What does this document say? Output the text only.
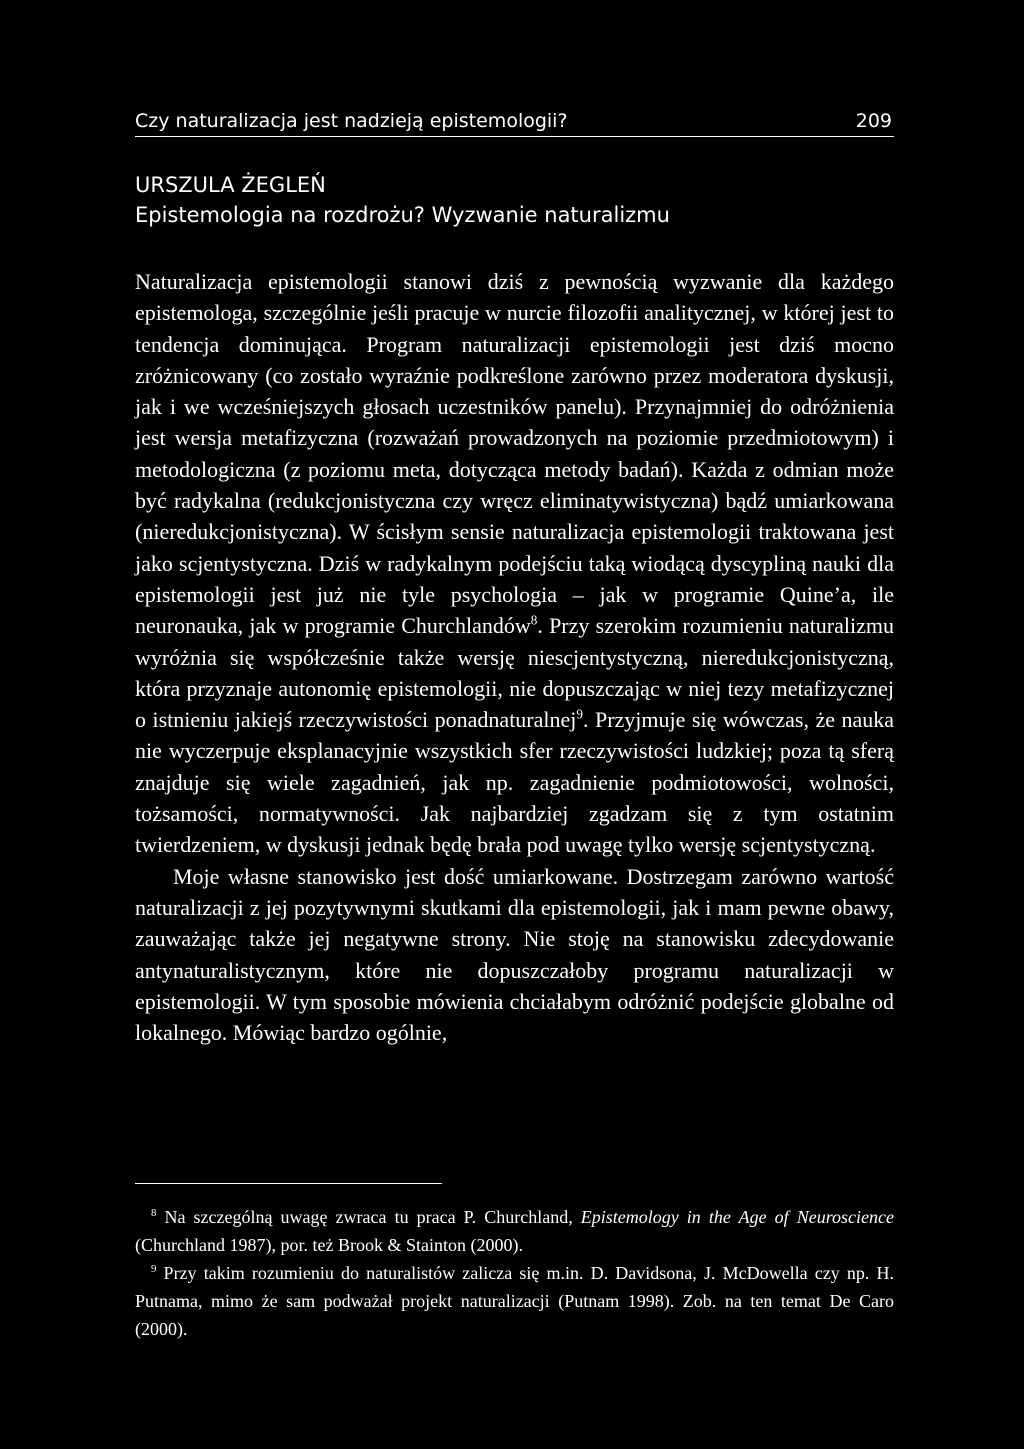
Czy naturalizacja jest nadzieją epistemologii?	209
URSZULA ŻEGLEŃ
Epistemologia na rozdrożu? Wyzwanie naturalizmu

Naturalizacja epistemologii stanowi dziś z pewnością wyzwanie dla każdego epistemologa, szczególnie jeśli pracuje w nurcie filozofii analitycznej, w której jest to tendencja dominująca. Program naturalizacji epistemologii jest dziś mocno zróżnicowany (co zostało wyraźnie podkreślone zarówno przez moderatora dyskusji, jak i we wcześniejszych głosach uczestników panelu). Przynajmniej do odróżnienia jest wersja metafizyczna (rozważań prowadzonych na poziomie przedmiotowym) i metodologiczna (z poziomu meta, dotycząca metody badań). Każda z odmian może być radykalna (redukcjonistyczna czy wręcz eliminatywistyczna) bądź umiarkowana (nieredukcjonistyczna). W ścisłym sensie naturalizacja epistemologii traktowana jest jako scjentystyczna. Dziś w radykalnym podejściu taką wiodącą dyscypliną nauki dla epistemologii jest już nie tyle psychologia – jak w programie Quine’a, ile neuronauka, jak w programie Churchlandów$^8$. Przy szerokim rozumieniu naturalizmu wyróżnia się współcześnie także wersję niescjentystyczną, nieredukcjonistyczną, która przyznaje autonomię epistemologii, nie dopuszczając w niej tezy metafizycznej o istnieniu jakiejś rzeczywistości ponadnaturalnej$^9$. Przyjmuje się wówczas, że nauka nie wyczerpuje eksplanacyjnie wszystkich sfer rzeczywistości ludzkiej; poza tą sferą znajduje się wiele zagadnień, jak np. zagadnienie podmiotowości, wolności, tożsamości, normatywności. Jak najbardziej zgadzam się z tym ostatnim twierdzeniem, w dyskusji jednak będę brała pod uwagę tylko wersję scjentystyczną.

Moje własne stanowisko jest dość umiarkowane. Dostrzegam zarówno wartość naturalizacji z jej pozytywnymi skutkami dla epistemologii, jak i mam pewne obawy, zauważając także jej negatywne strony. Nie stoję na stanowisku zdecydowanie antynaturalistycznym, które nie dopuszczałoby programu naturalizacji w epistemologii. W tym sposobie mówienia chciałabym odróżnić podejście globalne od lokalnego. Mówiąc bardzo ogólnie,

$^8$ Na szczególną uwagę zwraca tu praca P. Churchland, Epistemology in the Age of Neuroscience (Churchland 1987), por. też Brook & Stainton (2000).

$^9$ Przy takim rozumieniu do naturalistów zalicza się m.in. D. Davidsona, J. McDowella czy np. H. Putnama, mimo że sam podważał projekt naturalizacji (Putnam 1998). Zob. na ten temat De Caro (2000).
